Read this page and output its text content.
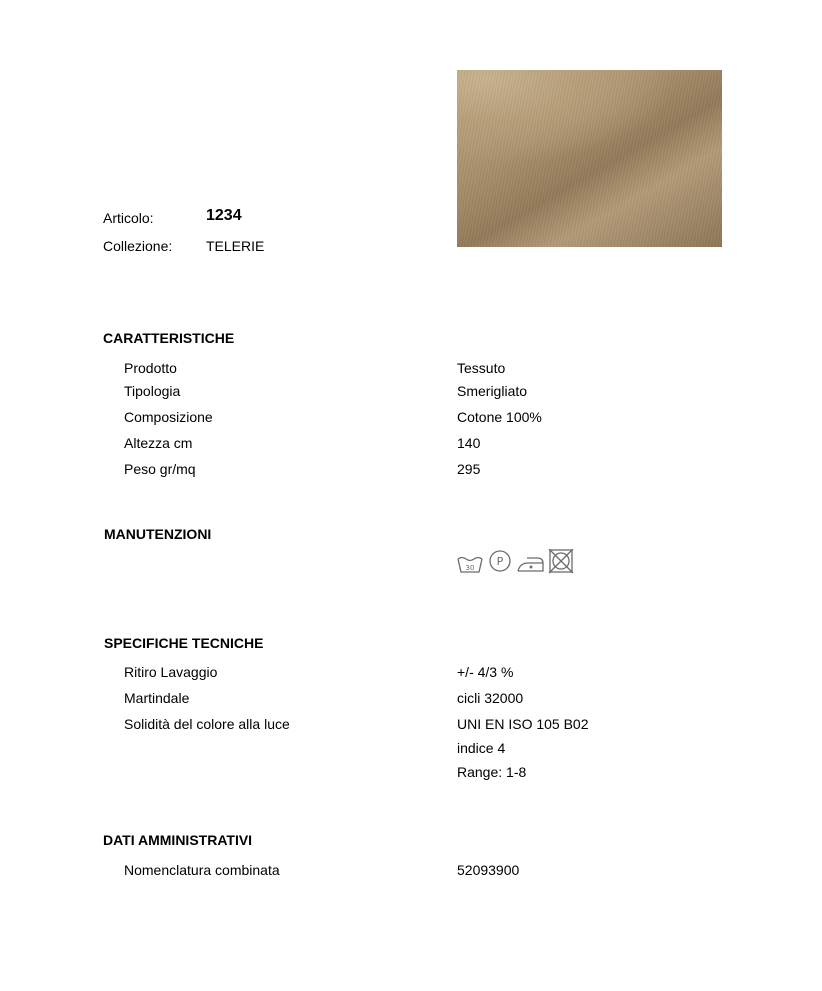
Articolo:	1234
Collezione: TELERIE
CARATTERISTICHE
Prodotto	Tessuto
Tipologia	Smerigliato
Composizione	Cotone 100%
Altezza cm	140
Peso gr/mq	295
MANUTENZIONI
30 P
SPECIFICHE TECNICHE
Ritiro Lavaggio	+/- 4/3 %
Martindale	cicli 32000
Solidità del colore alla luce	UNI EN ISO 105 B02
indice 4
Range: 1-8
DATI AMMINISTRATIVI
Nomenclatura combinata	52093900
